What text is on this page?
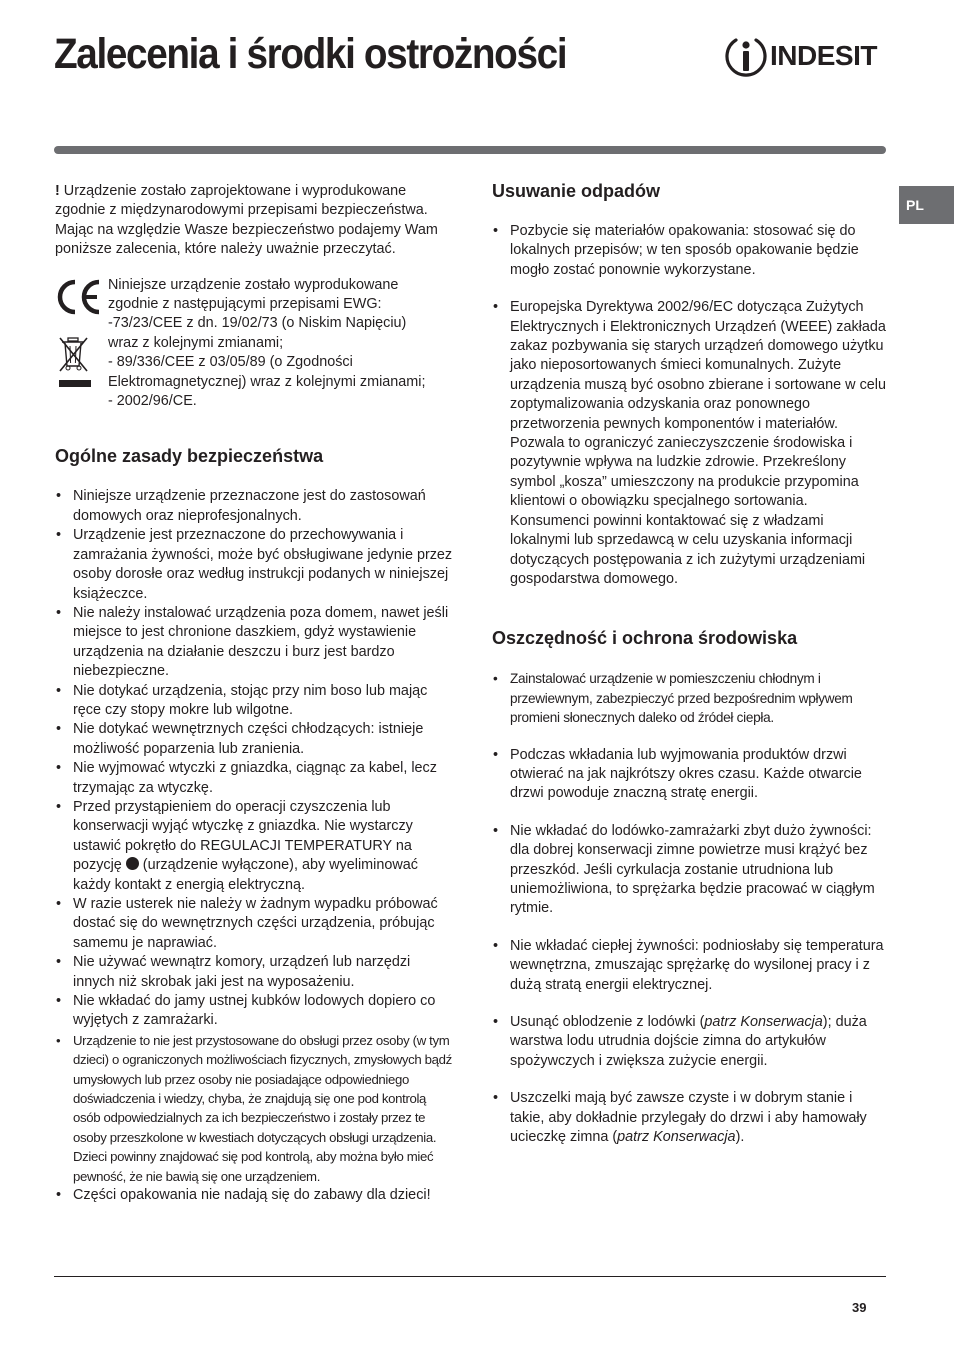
Zalecenia i środki ostrożności	INDESIT
PL

! Urządzenie zostało zaprojektowane i wyprodukowane zgodnie z międzynarodowymi przepisami bezpieczeństwa. Mając na względzie Wasze bezpieczeństwo podajemy Wam poniższe zalecenia, które należy uważnie przeczytać.

Niniejsze urządzenie zostało wyprodukowane
zgodnie z następującymi przepisami EWG:
-73/23/CEE z dn. 19/02/73 (o Niskim Napięciu)
wraz z kolejnymi zmianami;
- 89/336/CEE z 03/05/89 (o Zgodności
Elektromagnetycznej) wraz z kolejnymi zmianami;
- 2002/96/CE.
Ogólne zasady bezpieczeństwa
• Niniejsze urządzenie przeznaczone jest do zastosowań domowych oraz nieprofesjonalnych.
• Urządzenie jest przeznaczone do przechowywania i zamrażania żywności, może być obsługiwane jedynie przez osoby dorosłe oraz według instrukcji podanych w niniejszej książeczce.
• Nie należy instalować urządzenia poza domem, nawet jeśli miejsce to jest chronione daszkiem, gdyż wystawienie urządzenia na działanie deszczu i burz jest bardzo niebezpieczne.
• Nie dotykać urządzenia, stojąc przy nim boso lub mając ręce czy stopy mokre lub wilgotne.
• Nie dotykać wewnętrznych części chłodzących: istnieje możliwość poparzenia lub zranienia.
• Nie wyjmować wtyczki z gniazdka, ciągnąc za kabel, lecz trzymając za wtyczkę.
• Przed przystąpieniem do operacji czyszczenia lub konserwacji wyjąć wtyczkę z gniazdka. Nie wystarczy ustawić pokrętło do REGULACJI TEMPERATURY na pozycję  (urządzenie wyłączone), aby wyeliminować każdy kontakt z energią elektryczną.
• W razie usterek nie należy w żadnym wypadku próbować dostać się do wewnętrznych części urządzenia, próbując samemu je naprawiać.
• Nie używać wewnątrz komory, urządzeń lub narzędzi innych niż skrobak jaki jest na wyposażeniu.
• Nie wkładać do jamy ustnej kubków lodowych dopiero co wyjętych z zamrażarki.
• Urządzenie to nie jest przystosowane do obsługi przez osoby (w tym dzieci) o ograniczonych możliwościach fizycznych, zmysłowych bądź umysłowych lub przez osoby nie posiadające odpowiedniego doświadczenia i wiedzy, chyba, że znajdują się one pod kontrolą osób odpowiedzialnych za ich bezpieczeństwo i zostały przez te osoby przeszkolone w kwestiach dotyczących obsługi urządzenia. Dzieci powinny znajdować się pod kontrolą, aby można było mieć pewność, że nie bawią się one urządzeniem.
• Części opakowania nie nadają się do zabawy dla dzieci!
Usuwanie odpadów
• Pozbycie się materiałów opakowania: stosować się do lokalnych przepisów; w ten sposób opakowanie będzie mogło zostać ponownie wykorzystane.
• Europejska Dyrektywa 2002/96/EC dotycząca Zużytych Elektrycznych i Elektronicznych Urządzeń (WEEE) zakłada zakaz pozbywania się starych urządzeń domowego użytku jako nieposortowanych śmieci komunalnych. Zużyte urządzenia muszą być osobno zbierane i sortowane w celu zoptymalizowania odzyskania oraz ponownego przetworzenia pewnych komponentów i materiałów. Pozwala to ograniczyć zanieczyszczenie środowiska i pozytywnie wpływa na ludzkie zdrowie. Przekreślony symbol „kosza” umieszczony na produkcie przypomina klientowi o obowiązku specjalnego sortowania.
Konsumenci powinni kontaktować się z władzami lokalnymi lub sprzedawcą w celu uzyskania informacji dotyczących postępowania z ich zużytymi urządzeniami gospodarstwa domowego.
Oszczędność i ochrona środowiska
• Zainstalować urządzenie w pomieszczeniu chłodnym i przewiewnym, zabezpieczyć przed bezpośrednim wpływem promieni słonecznych daleko od źródeł ciepła.
• Podczas wkładania lub wyjmowania produktów drzwi otwierać na jak najkrótszy okres czasu. Każde otwarcie drzwi powoduje znaczną stratę energii.
• Nie wkładać do lodówko-zamrażarki zbyt dużo żywności: dla dobrej konserwacji zimne powietrze musi krążyć bez przeszkód. Jeśli cyrkulacja zostanie utrudniona lub uniemożliwiona, to sprężarka będzie pracować w ciągłym rytmie.
• Nie wkładać ciepłej żywności: podniosłaby się temperatura wewnętrzna, zmuszając sprężarkę do wysilonej pracy i z dużą stratą energii elektrycznej.
• Usunąć oblodzenie z lodówki (patrz Konserwacja); duża warstwa lodu utrudnia dojście zimna do artykułów spożywczych i zwiększa zużycie energii.
• Uszczelki mają być zawsze czyste i w dobrym stanie i takie, aby dokładnie przylegały do drzwi i aby hamowały ucieczkę zimna (patrz Konserwacja).
39
